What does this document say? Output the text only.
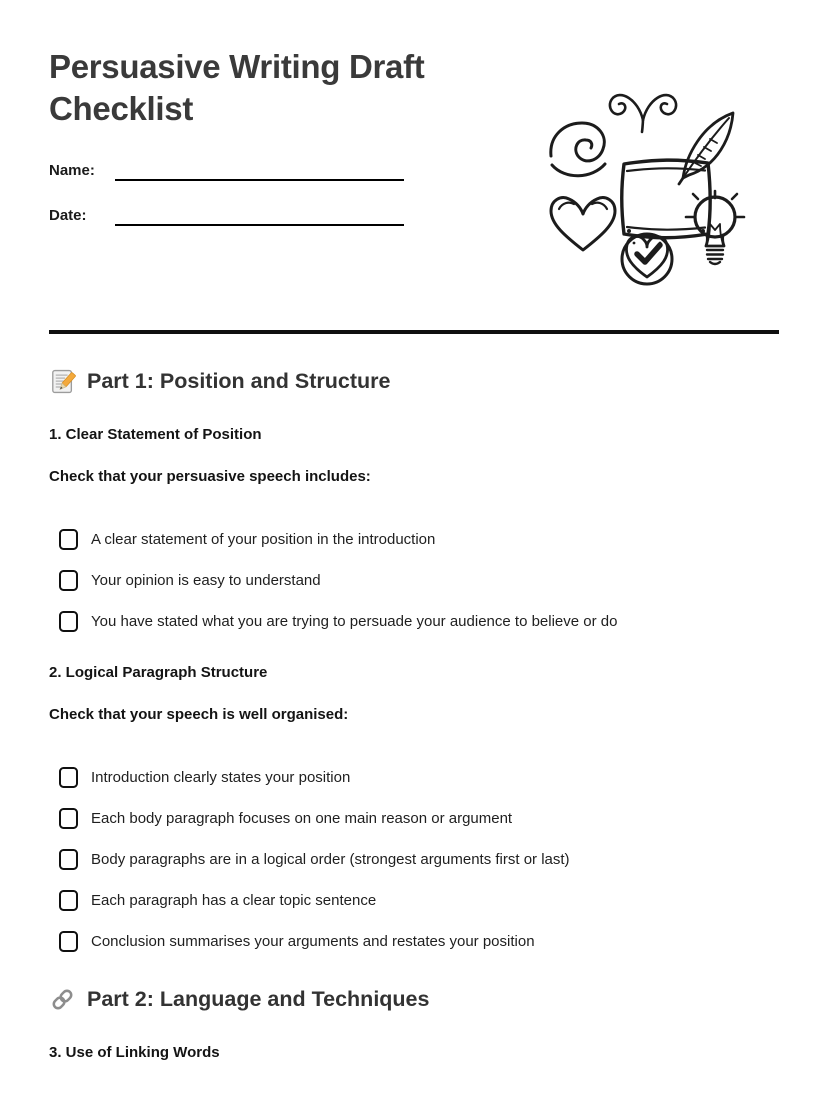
Persuasive Writing Draft Checklist
Name:
Date:
Part 1: Position and Structure
1. Clear Statement of Position

Check that your persuasive speech includes:

A clear statement of your position in the introduction
Your opinion is easy to understand
You have stated what you are trying to persuade your audience to believe or do
2. Logical Paragraph Structure

Check that your speech is well organised:

Introduction clearly states your position
Each body paragraph focuses on one main reason or argument
Body paragraphs are in a logical order (strongest arguments first or last)
Each paragraph has a clear topic sentence
Conclusion summarises your arguments and restates your position
Part 2: Language and Techniques
3. Use of Linking Words
